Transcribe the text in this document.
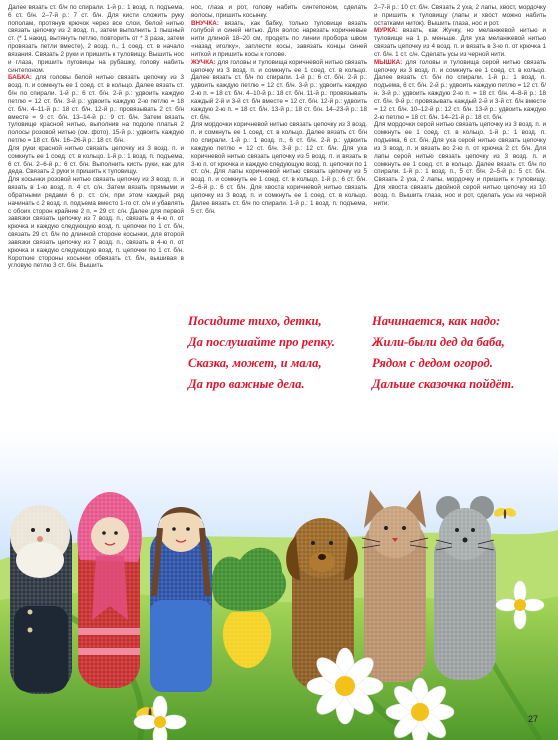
Далее вязать ст. б/н по спирали. 1-й р.: 1 возд. п. подъема, 6 ст. б/н. 2–7-й р.: 7 ст. б/н. Для кисти сложить руку пополам, протянув крючок через все слои, белой нитью связать цепочку из 2 возд. п., затем выполнить 1 пышный ст. (* 1 накид, вытянуть петлю, повторить от * 3 раза, затем провязать петли вместе), 2 возд. п., 1 соед. ст. в начало вязания. Связать 2 руки и пришить к туловищу. Вышить нос и глаза, пришить пуговицы на рубашку, голову набить синтепоном.

БАБКА: для головы белой нитью связать цепочку из 3 возд. п. и сомкнуть ее 1 соед. ст. в кольцо. Далее вязать ст. б/н по спирали. 1-й р.: 6 ст. б/н. 2-й р.: удвоить каждую петлю = 12 ст. б/н. 3-й р.: удвоить каждую 2-ю петлю = 18 ст. б/н. 4–11-й р.: 18 ст. б/н. 12-й р.: провязывать 2 ст. б/н вместе = 9 ст. б/н. 13–14-й р.: 9 ст. б/н. Затем вязать туловище красной нитью, выполнив на подоле платья 2 полосы розовой нитью (см. фото). 15-й р.: удвоить каждую петлю = 18 ст. б/н. 16–26-й р.: 18 ст. б/н.

Для руки красной нитью связать цепочку из 3 возд. п. и сомкнуть ее 1 соед. ст. в кольцо. 1-й р.: 1 возд. п. подъема, 6 ст. б/н. 2–6-й р.: 6 ст. б/н. Выполнить кисть руки, как для деда. Связать 2 руки и пришить к туловищу.

Для косынки розовой нитью связать цепочку из 3 возд. п. и вязать в 1-ю возд. п. 4 ст. с/н. Затем вязать прямыми и обратными рядами 6 р. ст. с/н, при этом каждый ряд начинать с 2 возд. п. подъема вместо 1-го ст. с/н и убавлять с обоих сторон крайние 2 п. = 29 ст. с/н. Далее для первой завязки связать цепочку из 7 возд. п., связать в 4-ю п. от крючка и каждую следующую возд. п. цепочки по 1 ст. б/н, связать 29 ст. б/н по длинной стороне косынки, для второй завязки связать цепочку из 7 возд. п., связать в 4-ю п. от крючка и каждую следующую возд. п. цепочки по 1 ст. б/н. Короткие стороны косынки обвязать ст. б/н, вышивая в угловую петлю 3 ст. б/н. Вышить

нос, глаза и рот, голову набить синтепоном, сделать волосы, пришить косынку.

ВНУЧКА: вязать, как бабку, только туловище вязать голубой и синей нитью. Для волос нарезать коричневые нити длиной 18–20 см, продеть по линии пробора швом «назад иголку», заплести косы, завязать концы синей ниткой и пришить косы к голове.

ЖУЧКА: для головы и туловища коричневой нитью связать цепочку из 3 возд. п. и сомкнуть ее 1 соед. ст. в кольцо. Далее вязать ст. б/н по спирали. 1-й р.: 6 ст. б/н. 2-й р.: удвоить каждую петлю = 12 ст. б/н. 3-й р.: удвоить каждую 2-ю п. = 18 ст. б/н. 4–10-й р.: 18 ст. б/н. 11-й р.: провязывать каждый 2-й и 3-й ст. б/н вместе = 12 ст. б/н. 12-й р.: удвоить каждую 2-ю п. = 18 ст. б/н. 13-й р.: 18 ст. б/н. 14–23-й р.: 18 ст. б/н.

Для мордочки коричневой нитью связать цепочку из 3 возд. п. и сомкнуть ее 1 соед. ст. в кольцо. Далее вязать ст. б/н по спирали. 1-й р.: 1 возд. п., 6 ст. б/н. 2-й р.: удвоить каждую петлю = 12 ст. б/н. 3-й р.: 12 ст. б/н. Для уха коричневой нитью связать цепочку из 5 возд. п. и вязать в 3-ю п. от крючка и каждую следующую возд. п. цепочки по 1 ст. с/н. Для лапы коричневой нитью связать цепочку из 5 возд. п. и сомкнуть ее 1 соед. ст. в кольцо. 1-й р.: 6 ст. б/н. 2–6-й р.: 6 ст. б/н. Для хвоста коричневой нитью связать цепочку из 3 возд. п. и сомкнуть ее 1 соед. ст. в кольцо. Далее вязать ст. б/н по спирали. 1-й р.: 1 возд. п. подъема, 5 ст. б/н.

2–7-й р.: 10 ст. б/н. Связать 2 уха, 2 лапы, хвост, мордочку и пришить к туловищу (лапы и хвост можно набить остатками ниток). Вышить глаза, нос и рот.

МУРКА: вязать, как Жучку, но меланжевой нитью и туловище на 1 р. меньше. Для уха меланжевой нитью связать цепочку из 4 возд. п. и вязать в 3-ю п. от крючка 1 ст. б/н. 1 ст. с/н. Сделать усы из черной нити.

МЫШКА: для головы и туловища серой нитью связать цепочку из 3 возд. п. и сомкнуть ее 1 соед. ст. в кольцо. Далее вязать ст. б/н по спирали. 1-й р.: 1 возд. п. подъема, 6 ст. б/н. 2-й р.: удвоить каждую петлю = 12 ст. б/н. 3-й р.: удвоить каждую 2-ю п. = 18 ст. б/н. 4–8-й р.: 18 ст. б/н. 9-й р.: провязывать каждый 2-й и 3-й ст. б/н вместе = 12 ст. б/н. 10–12-й р.: 12 ст. б/н. 13-й р.: удвоить каждую 2-ю петлю = 18 ст. б/н. 14–21-й р.: 18 ст. б/н.

Для мордочки серой нитью связать цепочку из 3 возд. п. и сомкнуть ее 1 соед. ст. в кольцо. 1-й р.: 1 возд. п. подъема, 6 ст. б/н. Для уха серой нитью связать цепочку из 3 возд. п. и вязать во 2-ю п. от крючка 2 ст. б/н. Для лапы серой нитью связать цепочку из 3 возд. п. и сомкнуть ее 1 соед. ст. в кольцо. Далее вязать ст. б/н по спирали. 1-й р.: 1 возд. п., 5 ст. б/н. 2–5-й р.: 5 ст. б/н. Связать 2 уха, 2 лапы, мордочку и пришить к туловищу. Для хвоста связать двойной серой нитью цепочку из 10 возд. п. Вышить глаза, нос и рот, сделать усы из черной нити.

Посидите тихо, детки,
Да послушайте про репку.
Сказка, может, и мала,
Да про важные дела.
Начинается, как надо:
Жили-были дед да баба,
Рядом с дедом огород.
Дальше сказочка пойдёт.
27
